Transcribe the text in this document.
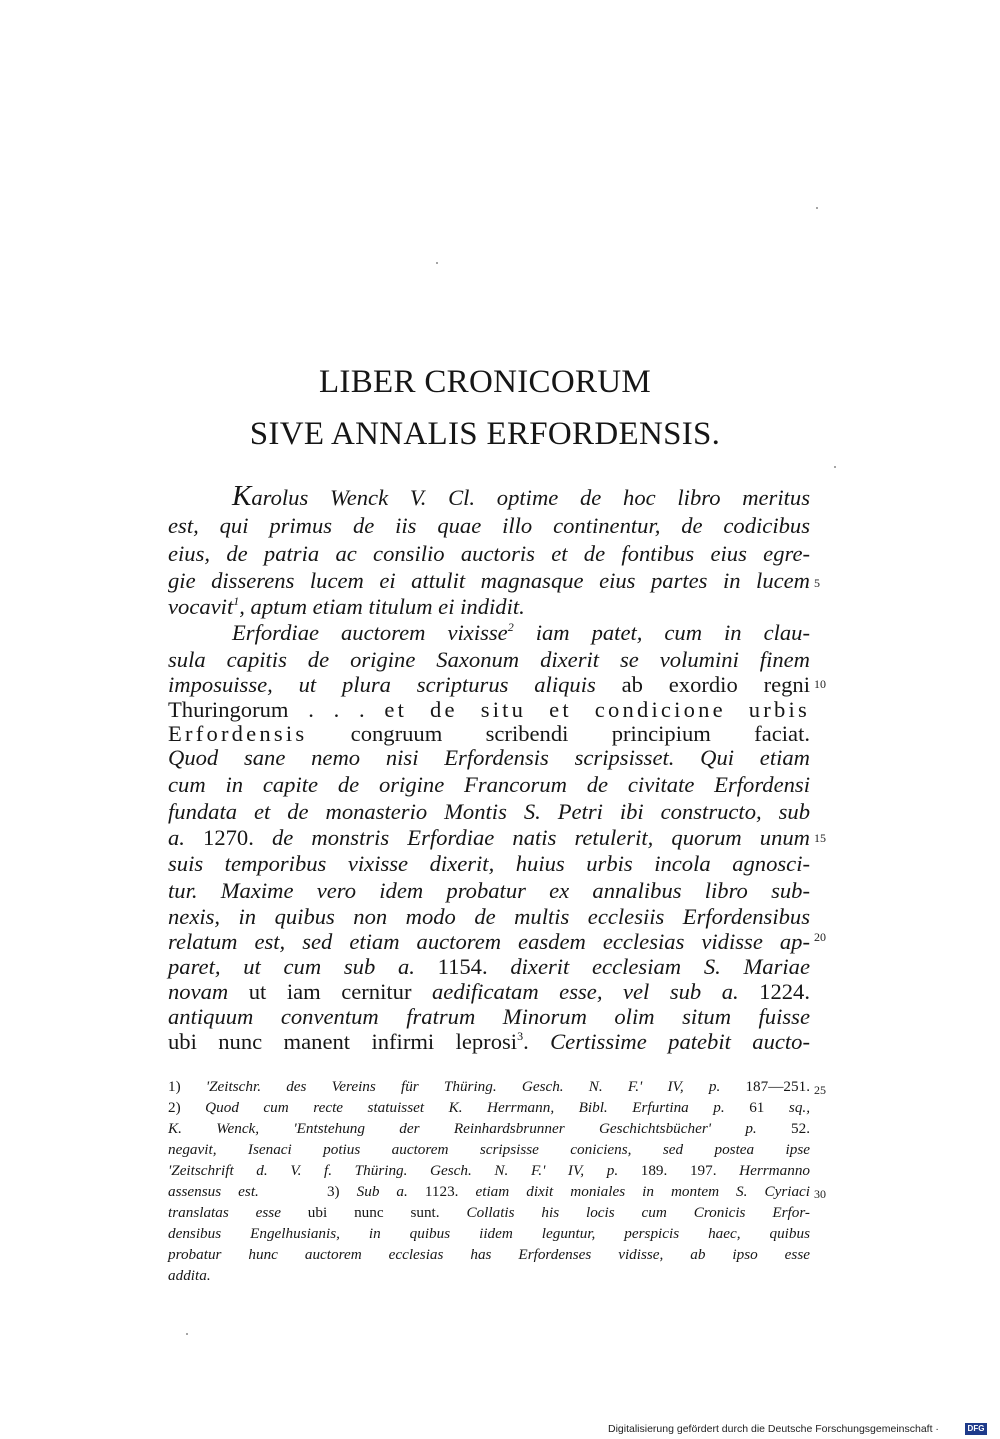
LIBER CRONICORUM
SIVE ANNALIS ERFORDENSIS.
Karolus Wenck V. Cl. optime de hoc libro meritus
est, qui primus de iis quae illo continentur, de codicibus
eius, de patria ac consilio auctoris et de fontibus eius egre-
gie disserens lucem ei attulit magnasque eius partes in lucem
vocavit$^1$, aptum etiam titulum ei indidit.
Erfordiae auctorem vixisse$^2$ iam patet, cum in clau-
sula capitis de origine Saxonum dixerit se volumini finem
imposuisse, ut plura scripturus aliquis ab exordio regni
Thuringorum . . . et de situ et condicione urbis
Erfordensis congruum scribendi principium faciat.
Quod sane nemo nisi Erfordensis scripsisset. Qui etiam
cum in capite de origine Francorum de civitate Erfordensi
fundata et de monasterio Montis S. Petri ibi constructo, sub
a. 1270. de monstris Erfordiae natis retulerit, quorum unum
suis temporibus vixisse dixerit, huius urbis incola agnosci-
tur. Maxime vero idem probatur ex annalibus libro sub-
nexis, in quibus non modo de multis ecclesiis Erfordensibus
relatum est, sed etiam auctorem easdem ecclesias vidisse ap-
paret, ut cum sub a. 1154. dixerit ecclesiam S. Mariae
novam ut iam cernitur aedificatam esse, vel sub a. 1224.
antiquum conventum fratrum Minorum olim situm fuisse
ubi nunc manent infirmi leprosi$^3$. Certissime patebit aucto-
5
10
15
20
25
30
1) 'Zeitschr. des Vereins für Thüring. Gesch. N. F.' IV, p. 187—251.
2) Quod cum recte statuisset K. Herrmann, Bibl. Erfurtina p. 61 sq.,
K. Wenck, 'Entstehung der Reinhardsbrunner Geschichtsbücher' p. 52.
negavit, Isenaci potius auctorem scripsisse coniciens, sed postea ipse
'Zeitschrift d. V. f. Thüring. Gesch. N. F.' IV, p. 189. 197. Herrmanno
assensus est.    3) Sub a. 1123. etiam dixit moniales in montem S. Cyriaci
translatas esse ubi nunc sunt. Collatis his locis cum Cronicis Erfor-
densibus Engelhusianis, in quibus iidem leguntur, perspicis haec, quibus
probatur hunc auctorem ecclesias has Erfordenses vidisse, ab ipso esse
addita.
Digitalisierung gefördert durch die Deutsche Forschungsgemeinschaft ·	DFG
